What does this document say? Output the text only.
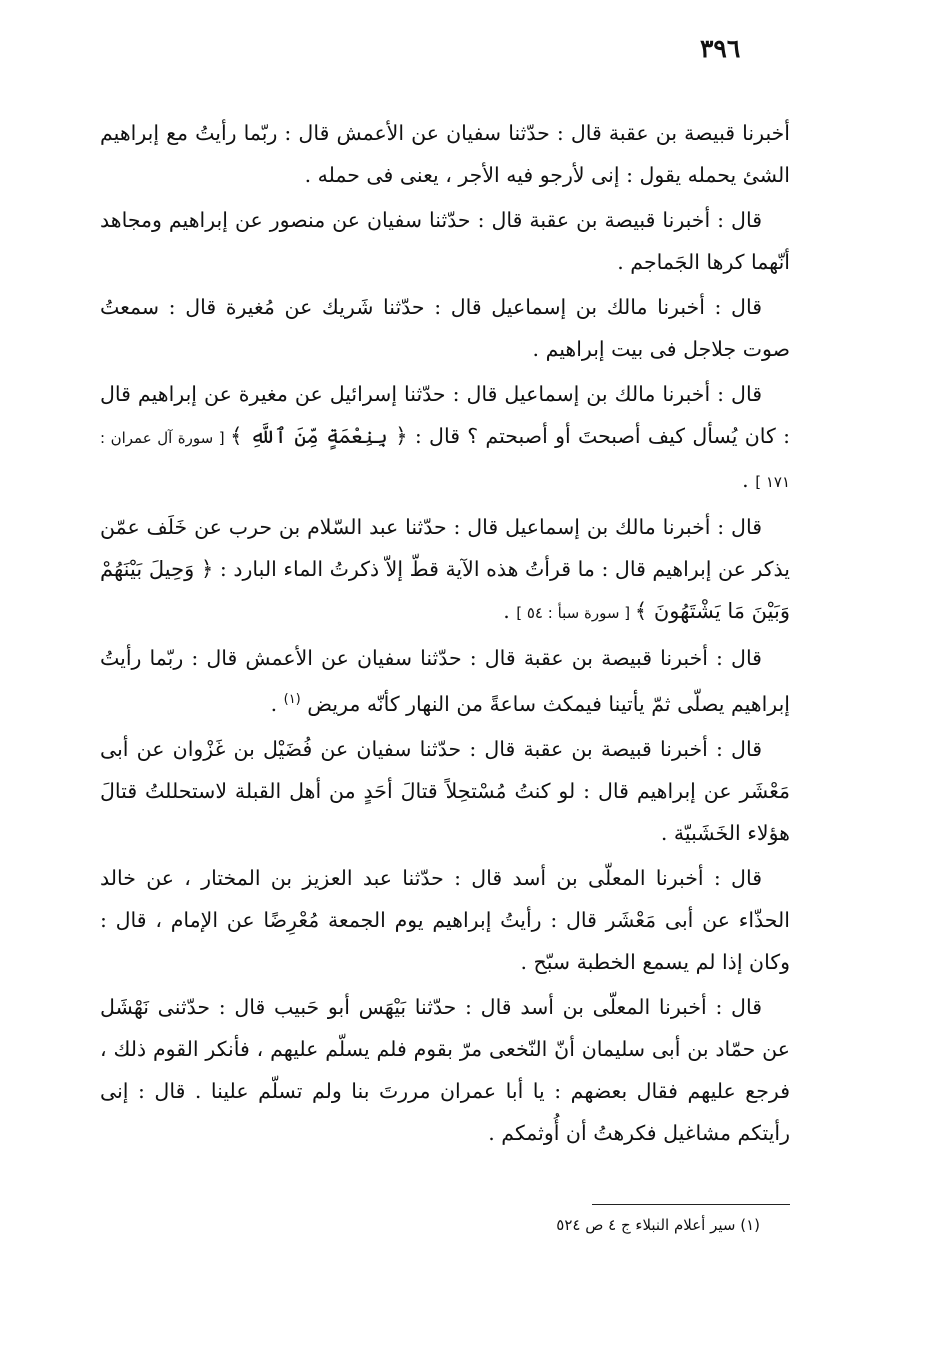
٣٩٦

أخبرنا قبيصة بن عقبة قال : حدّثنا سفيان عن الأعمش قال : ربّما رأيتُ مع إبراهيم الشئ يحمله يقول : إنى لأرجو فيه الأجر ، يعنى فى حمله .

قال : أخبرنا قبيصة بن عقبة قال : حدّثنا سفيان عن منصور عن إبراهيم ومجاهد أنّهما كرها الجَماجم .

قال : أخبرنا مالك بن إسماعيل قال : حدّثنا شَريك عن مُغيرة قال : سمعتُ صوت جلاجل فى بيت إبراهيم .

قال : أخبرنا مالك بن إسماعيل قال : حدّثنا إسرائيل عن مغيرة عن إبراهيم قال : كان يُسأل كيف أصبحتَ أو أصبحتم ؟ قال : ﴿ بِنِعْمَةٍ مِّنَ ٱللَّهِ ﴾ [ سورة آل عمران : ١٧١ ] .

قال : أخبرنا مالك بن إسماعيل قال : حدّثنا عبد السّلام بن حرب عن خَلَف عمّن يذكر عن إبراهيم قال : ما قرأتُ هذه الآية قطّ إلاّ ذكرتُ الماء البارد : ﴿ وَحِيلَ بَيْنَهُمْ وَبَيْنَ مَا يَشْتَهُونَ ﴾ [ سورة سبأ : ٥٤ ] .

قال : أخبرنا قبيصة بن عقبة قال : حدّثنا سفيان عن الأعمش قال : ربّما رأيتُ إبراهيم يصلّى ثمّ يأتينا فيمكث ساعةً من النهار كأنّه مريض $^{(١)}$ .

قال : أخبرنا قبيصة بن عقبة قال : حدّثنا سفيان عن فُضَيْل بن غَزْوان عن أبى مَعْشَر عن إبراهيم قال : لو كنتُ مُسْتحِلاً قتالَ أحَدٍ من أهل القبلة لاستحللتُ قتالَ هؤلاء الخَشَبيّة .

قال : أخبرنا المعلّى بن أسد قال : حدّثنا عبد العزيز بن المختار ، عن خالد الحذّاء عن أبى مَعْشَر قال : رأيتُ إبراهيم يوم الجمعة مُعْرِضًا عن الإمام ، قال : وكان إذا لم يسمع الخطبة سبّح .

قال : أخبرنا المعلّى بن أسد قال : حدّثنا بَيْهَس أبو حَبيب قال : حدّثنى نَهْشَل عن حمّاد بن أبى سليمان أنّ النّخعى مرّ بقوم فلم يسلّم عليهم ، فأنكر القوم ذلك ، فرجع عليهم فقال بعضهم : يا أبا عمران مررتَ بنا ولم تسلّم علينا . قال : إنى رأيتكم مشاغيل فكرهتُ أن أُوثمكم .

(١) سير أعلام النبلاء ج ٤ ص ٥٢٤
